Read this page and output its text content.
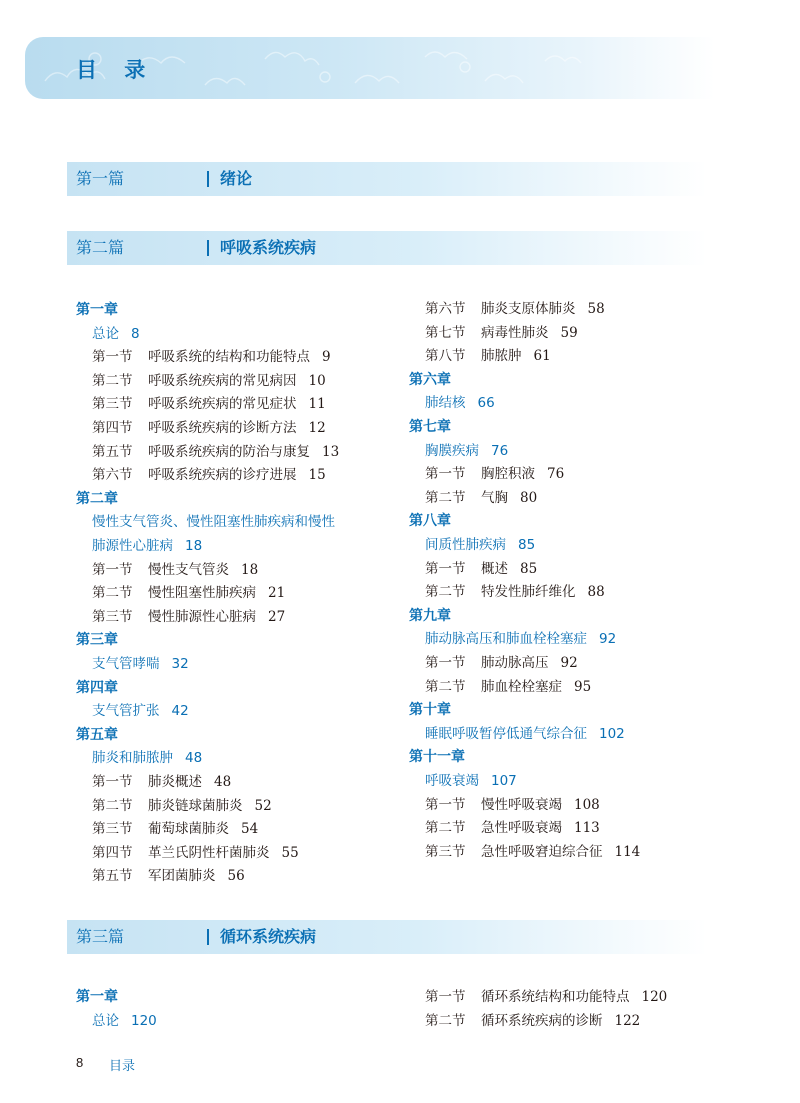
目 录
第一篇	绪论
第二篇	呼吸系统疾病
第一章
总论 8
第一节 呼吸系统的结构和功能特点 9
第二节 呼吸系统疾病的常见病因 10
第三节 呼吸系统疾病的常见症状 11
第四节 呼吸系统疾病的诊断方法 12
第五节 呼吸系统疾病的防治与康复 13
第六节 呼吸系统疾病的诊疗进展 15
第二章
慢性支气管炎、慢性阻塞性肺疾病和慢性
肺源性心脏病 18
第一节 慢性支气管炎 18
第二节 慢性阻塞性肺疾病 21
第三节 慢性肺源性心脏病 27
第三章
支气管哮喘 32
第四章
支气管扩张 42
第五章
肺炎和肺脓肿 48
第一节 肺炎概述 48
第二节 肺炎链球菌肺炎 52
第三节 葡萄球菌肺炎 54
第四节 革兰氏阴性杆菌肺炎 55
第五节 军团菌肺炎 56
第六节 肺炎支原体肺炎 58
第七节 病毒性肺炎 59
第八节 肺脓肿 61
第六章
肺结核 66
第七章
胸膜疾病 76
第一节 胸腔积液 76
第二节 气胸 80
第八章
间质性肺疾病 85
第一节 概述 85
第二节 特发性肺纤维化 88
第九章
肺动脉高压和肺血栓栓塞症 92
第一节 肺动脉高压 92
第二节 肺血栓栓塞症 95
第十章
睡眠呼吸暂停低通气综合征 102
第十一章
呼吸衰竭 107
第一节 慢性呼吸衰竭 108
第二节 急性呼吸衰竭 113
第三节 急性呼吸窘迫综合征 114
第三篇	循环系统疾病
第一章
总论 120
第一节 循环系统结构和功能特点 120
第二节 循环系统疾病的诊断 122
8 目录
